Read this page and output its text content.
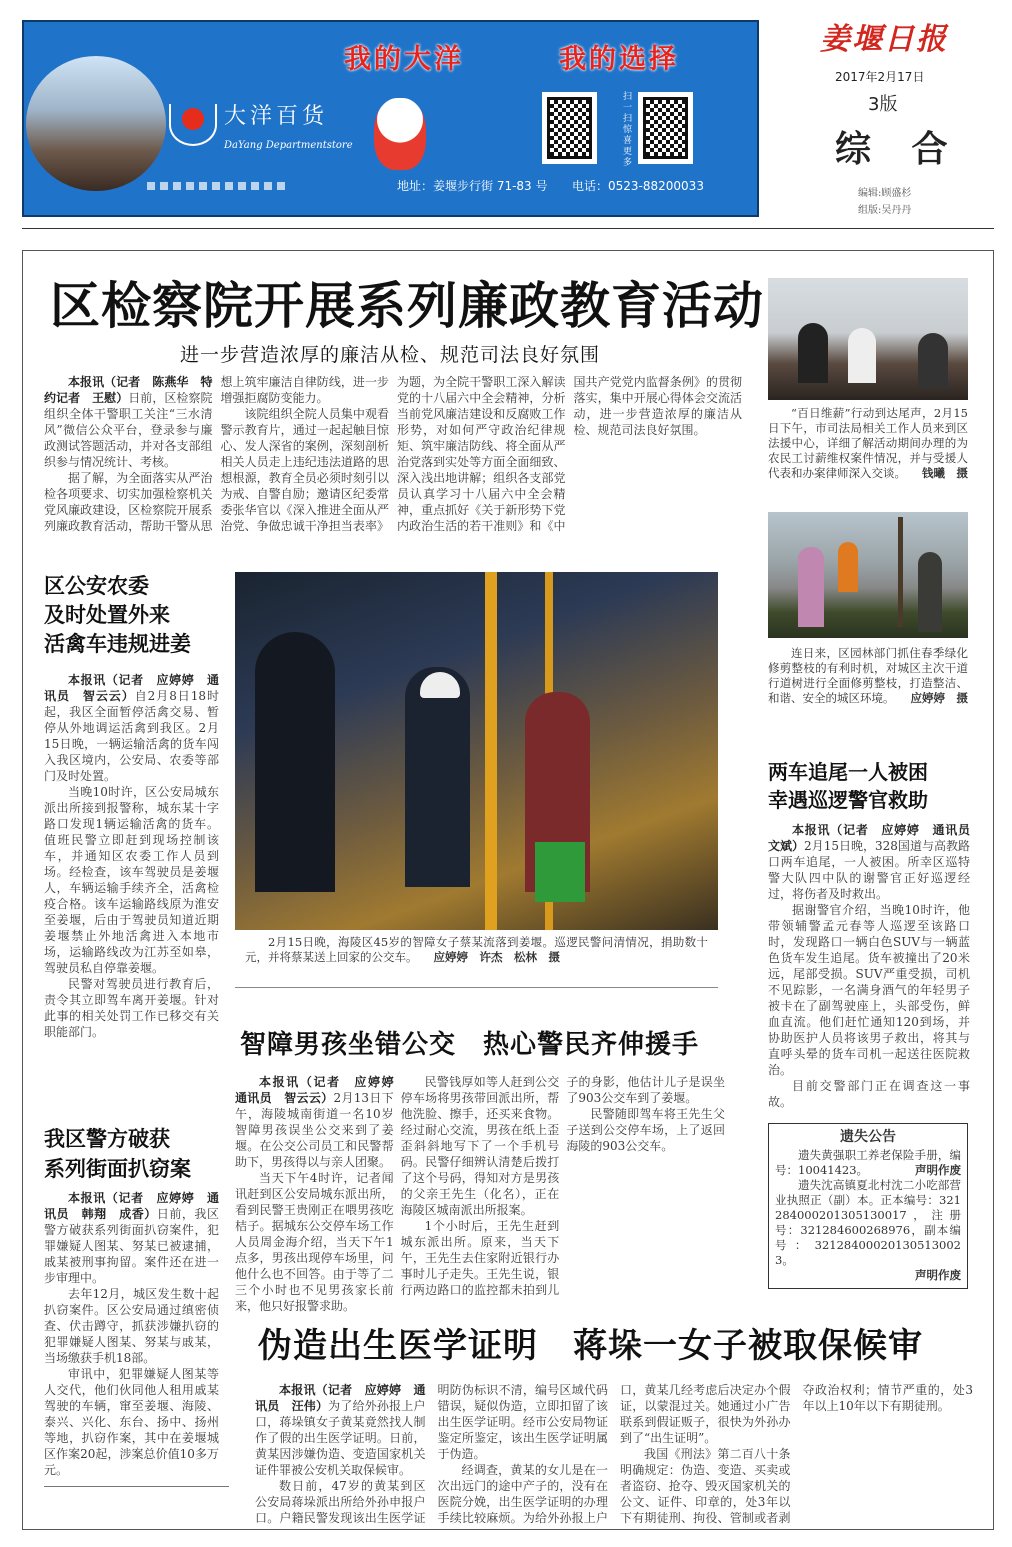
我的大洋	我的选择
大洋百货
DaYang Departmentstore
扫一扫惊喜更多
地址：姜堰步行街 71-83 号 电话：0523-88200033
姜堰日报
2017年2月17日
3版
综 合
编辑:顾盛杉
组版:吴丹丹
区检察院开展系列廉政教育活动
进一步营造浓厚的廉洁从检、规范司法良好氛围

本报讯（记者　陈燕华　特约记者　王慰）日前，区检察院组织全体干警职工关注“三水清风”微信公众平台，登录参与廉政测试答题活动，并对各支部组织参与情况统计、考核。

据了解，为全面落实从严治检各项要求、切实加强检察机关党风廉政建设，区检察院开展系列廉政教育活动，帮助干警从思想上筑牢廉洁自律防线，进一步增强拒腐防变能力。

该院组织全院人员集中观看警示教育片，通过一起起触目惊心、发人深省的案例，深刻剖析相关人员走上违纪违法道路的思想根源，教育全员必须时刻引以为戒、自警自励；邀请区纪委常委张华官以《深入推进全面从严治党、争做忠诚干净担当表率》为题，为全院干警职工深入解读党的十八届六中全会精神，分析当前党风廉洁建设和反腐败工作形势，对如何严守政治纪律规矩、筑牢廉洁防线、将全面从严治党落到实处等方面全面细致、深入浅出地讲解；组织各支部党员认真学习十八届六中全会精神，重点抓好《关于新形势下党内政治生活的若干准则》和《中国共产党党内监督条例》的贯彻落实，集中开展心得体会交流活动，进一步营造浓厚的廉洁从检、规范司法良好氛围。

区公安农委
及时处置外来
活禽车违规进姜

本报讯（记者　应婷婷　通讯员　智云云）自2月8日18时起，我区全面暂停活禽交易、暂停从外地调运活禽到我区。2月15日晚，一辆运输活禽的货车闯入我区境内，公安局、农委等部门及时处置。

当晚10时许，区公安局城东派出所接到报警称，城东某十字路口发现1辆运输活禽的货车。值班民警立即赶到现场控制该车，并通知区农委工作人员到场。经检查，该车驾驶员是姜堰人，车辆运输手续齐全，活禽检疫合格。该车运输路线原为淮安至姜堰，后由于驾驶员知道近期姜堰禁止外地活禽进入本地市场，运输路线改为江苏至如皋，驾驶员私自停靠姜堰。

民警对驾驶员进行教育后，责令其立即驾车离开姜堰。针对此事的相关处罚工作已移交有关职能部门。

2月15日晚，海陵区45岁的智障女子蔡某流落到姜堰。巡逻民警问清情况，捐助数十元，并将蔡某送上回家的公交车。 应婷婷　许杰　松林　摄
智障男孩坐错公交　热心警民齐伸援手

本报讯（记者　应婷婷　通讯员　智云云）2月13日下午，海陵城南街道一名10岁智障男孩误坐公交来到了姜堰。在公交公司员工和民警帮助下，男孩得以与亲人团聚。

当天下午4时许，记者闻讯赶到区公安局城东派出所，看到民警王贵刚正在喂男孩吃桔子。据城东公交停车场工作人员周金海介绍，当天下午1点多，男孩出现停车场里，问他什么也不回答。由于等了二三个小时也不见男孩家长前来，他只好报警求助。

民警钱厚如等人赶到公交停车场将男孩带回派出所，帮他洗脸、擦手，还买来食物。经过耐心交流，男孩在纸上歪歪斜斜地写下了一个手机号码。民警仔细辨认清楚后拨打了这个号码，得知对方是男孩的父亲王先生（化名），正在海陵区城南派出所报案。

1个小时后，王先生赶到城东派出所。原来，当天下午，王先生去住家附近银行办事时儿子走失。王先生说，银行两边路口的监控都未拍到儿子的身影，他估计儿子是误坐了903公交车到了姜堰。

民警随即驾车将王先生父子送到公交停车场，上了返回海陵的903公交车。

我区警方破获
系列街面扒窃案

本报讯（记者　应婷婷　通讯员　韩翔　成香）日前，我区警方破获系列街面扒窃案件，犯罪嫌疑人图某、努某已被逮捕，戚某被刑事拘留。案件还在进一步审理中。

去年12月，城区发生数十起扒窃案件。区公安局通过缜密侦查、伏击蹲守，抓获涉嫌扒窃的犯罪嫌疑人图某、努某与戚某，当场缴获手机18部。

审讯中，犯罪嫌疑人图某等人交代，他们伙同他人租用戚某驾驶的车辆，窜至姜堰、海陵、泰兴、兴化、东台、扬中、扬州等地，扒窃作案，其中在姜堰城区作案20起，涉案总价值10多万元。

“百日维薪”行动到达尾声，2月15日下午，市司法局相关工作人员来到区法援中心，详细了解活动期间办理的为农民工讨薪维权案件情况，并与受援人代表和办案律师深入交谈。 钱曦　摄
连日来，区园林部门抓住春季绿化修剪整枝的有利时机，对城区主次干道行道树进行全面修剪整枝，打造整洁、和谐、安全的城区环境。 应婷婷　摄
两车追尾一人被困
幸遇巡逻警官救助

本报讯（记者　应婷婷　通讯员　文斌）2月15日晚，328国道与高教路口两车追尾，一人被困。所幸区巡特警大队四中队的谢警官正好巡逻经过，将伤者及时救出。

据谢警官介绍，当晚10时许，他带领辅警孟元春等人巡逻至该路口时，发现路口一辆白色SUV与一辆蓝色货车发生追尾。货车被撞出了20米远，尾部受损。SUV严重受损，司机不见踪影，一名满身酒气的年轻男子被卡在了副驾驶座上，头部受伤，鲜血直流。他们赶忙通知120到场，并协助医护人员将该男子救出，将其与直呼头晕的货车司机一起送往医院救治。

目前交警部门正在调查这一事故。

遗失公告

遗失黄强职工养老保险手册，编号：10041423。	声明作废

遗失沈高镇夏北村沈二小吃部营业执照正（副）本。正本编号：321284000201305130017，注册号：321284600268976，副本编号：321284000201305130023。

声明作废

伪造出生医学证明　蒋垛一女子被取保候审

本报讯（记者　应婷婷　通讯员　汪伟）为了给外孙报上户口，蒋垛镇女子黄某竟然找人制作了假的出生医学证明。日前，黄某因涉嫌伪造、变造国家机关证件罪被公安机关取保候审。

数日前，47岁的黄某到区公安局蒋垛派出所给外孙申报户口。户籍民警发现该出生医学证明防伪标识不清，编号区域代码错误，疑似伪造，立即扣留了该出生医学证明。经市公安局物证鉴定所鉴定，该出生医学证明属于伪造。

经调查，黄某的女儿是在一次出远门的途中产子的，没有在医院分娩，出生医学证明的办理手续比较麻烦。为给外孙报上户口，黄某几经考虑后决定办个假证，以蒙混过关。她通过小广告联系到假证贩子，很快为外孙办到了“出生证明”。

我国《刑法》第二百八十条明确规定：伪造、变造、买卖或者盗窃、抢夺、毁灭国家机关的公文、证件、印章的，处3年以下有期徒刑、拘役、管制或者剥夺政治权利；情节严重的，处3年以上10年以下有期徒刑。
